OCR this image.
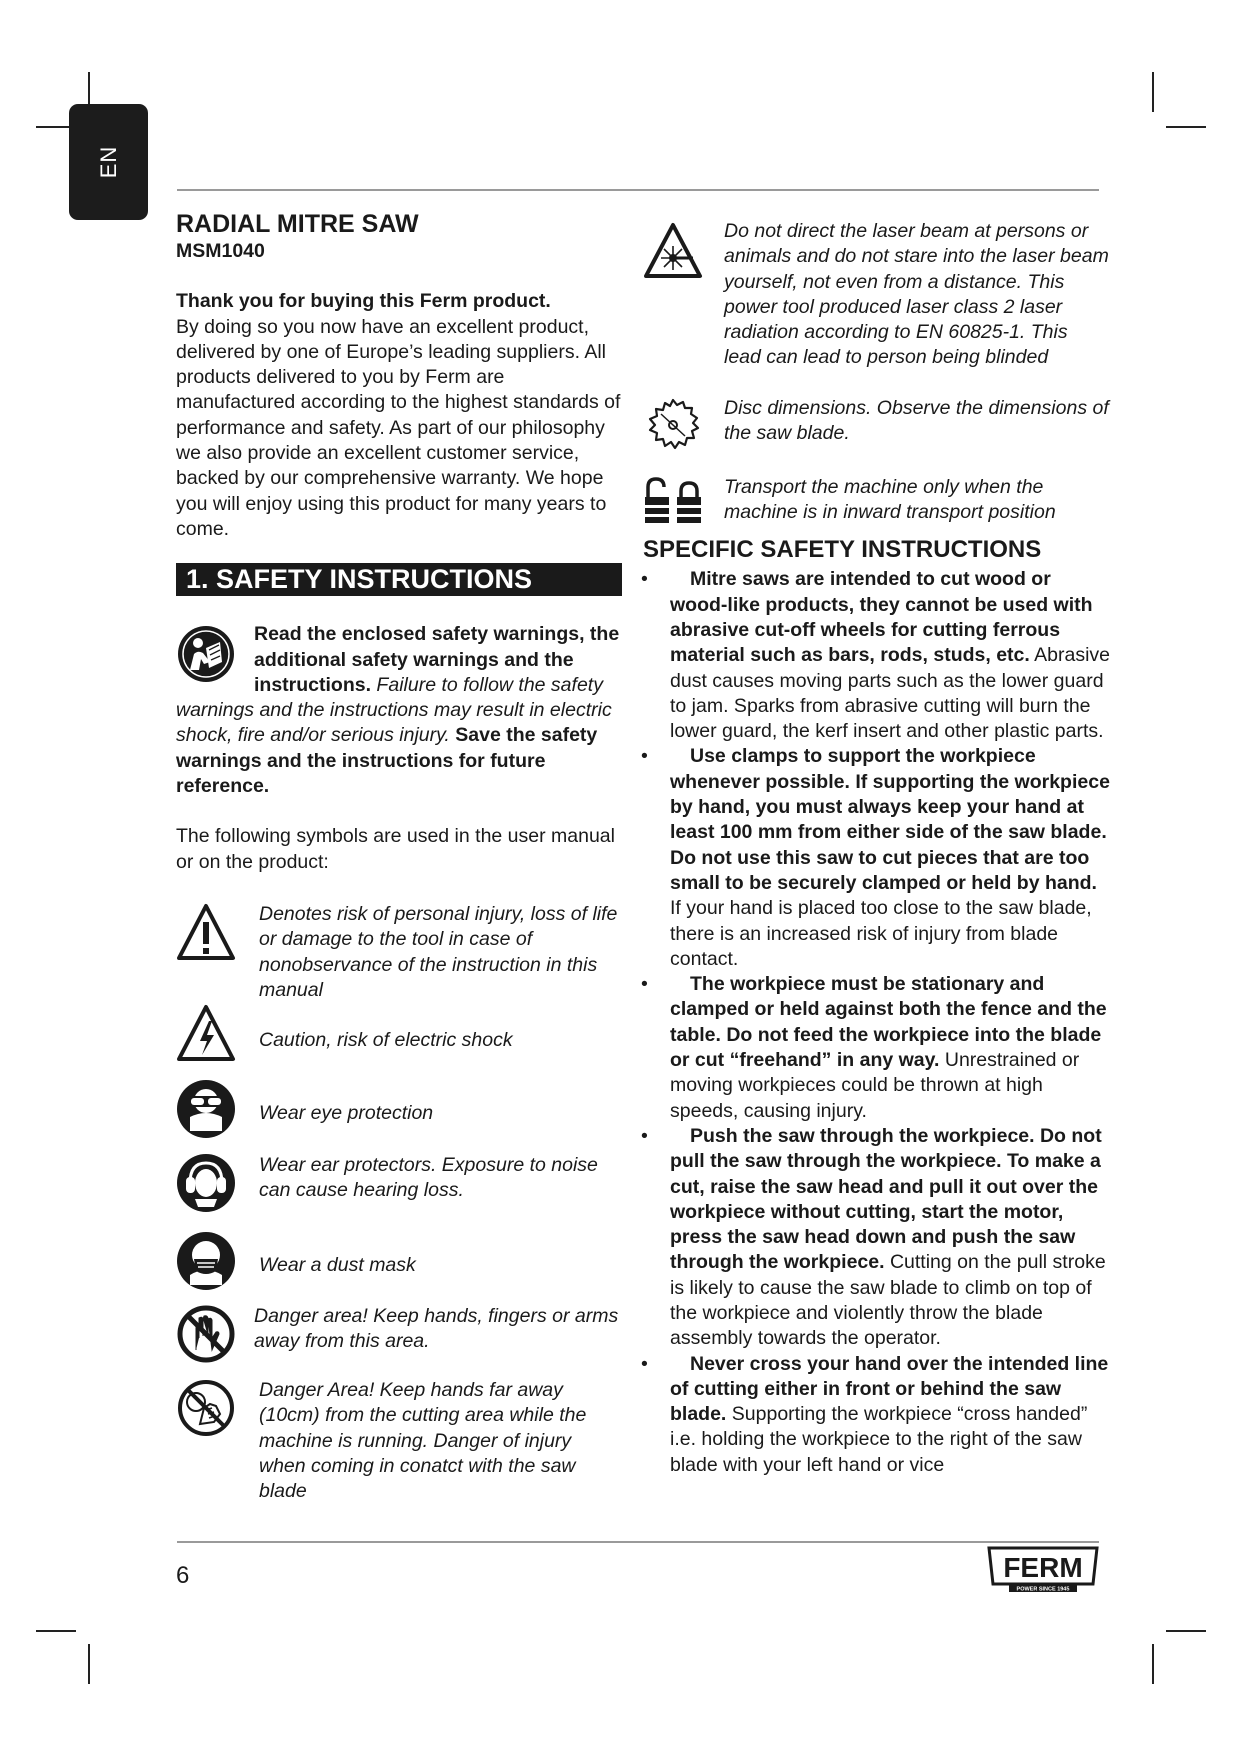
EN
RADIAL MITRE SAW

MSM1040

Thank you for buying this Ferm product.

By doing so you now have an excellent product, delivered by one of Europe’s leading suppliers. All products delivered to you by Ferm are manufactured according to the highest standards of performance and safety. As part of our philosophy we also provide an excellent customer service, backed by our comprehensive warranty. We hope you will enjoy using this product for many years to come.

1. SAFETY INSTRUCTIONS

Read the enclosed safety warnings, the additional safety warnings and the instructions. Failure to follow the safety warnings and the instructions may result in electric shock, fire and/or serious injury. Save the safety warnings and the instructions for future reference.

The following symbols are used in the user manual or on the product:

Denotes risk of personal injury, loss of life or damage to the tool in case of nonobservance of the instruction in this manual

Caution, risk of electric shock

Wear eye protection

Wear ear protectors. Exposure to noise can cause hearing loss.

Wear a dust mask

Danger area! Keep hands, fingers or arms away from this area.

Danger Area! Keep hands far away (10cm) from the cutting area while the machine is running. Danger of injury when coming in conatct with the saw blade

Do not direct the laser beam at persons or animals and do not stare into the laser beam yourself, not even from a distance. This power tool produced laser class 2 laser radiation according to EN 60825-1. This lead can lead to person being blinded

Disc dimensions. Observe the dimensions of the saw blade.

Transport the machine only when the machine is in inward transport position

SPECIFIC SAFETY INSTRUCTIONS
• Mitre saws are intended to cut wood or wood-like products, they cannot be used with abrasive cut-off wheels for cutting ferrous material such as bars, rods, studs, etc. Abrasive dust causes moving parts such as the lower guard to jam. Sparks from abrasive cutting will burn the lower guard, the kerf insert and other plastic parts.
• Use clamps to support the workpiece whenever possible. If supporting the workpiece by hand, you must always keep your hand at least 100 mm from either side of the saw blade. Do not use this saw to cut pieces that are too small to be securely clamped or held by hand. If your hand is placed too close to the saw blade, there is an increased risk of injury from blade contact.
• The workpiece must be stationary and clamped or held against both the fence and the table. Do not feed the workpiece into the blade or cut “freehand” in any way. Unrestrained or moving workpieces could be thrown at high speeds, causing injury.
• Push the saw through the workpiece. Do not pull the saw through the workpiece. To make a cut, raise the saw head and pull it out over the workpiece without cutting, start the motor, press the saw head down and push the saw through the workpiece. Cutting on the pull stroke is likely to cause the saw blade to climb on top of the workpiece and violently throw the blade assembly towards the operator.
• Never cross your hand over the intended line of cutting either in front or behind the saw blade. Supporting the workpiece “cross handed” i.e. holding the workpiece to the right of the saw blade with your left hand or vice
6	FERM
POWER SINCE 1945
